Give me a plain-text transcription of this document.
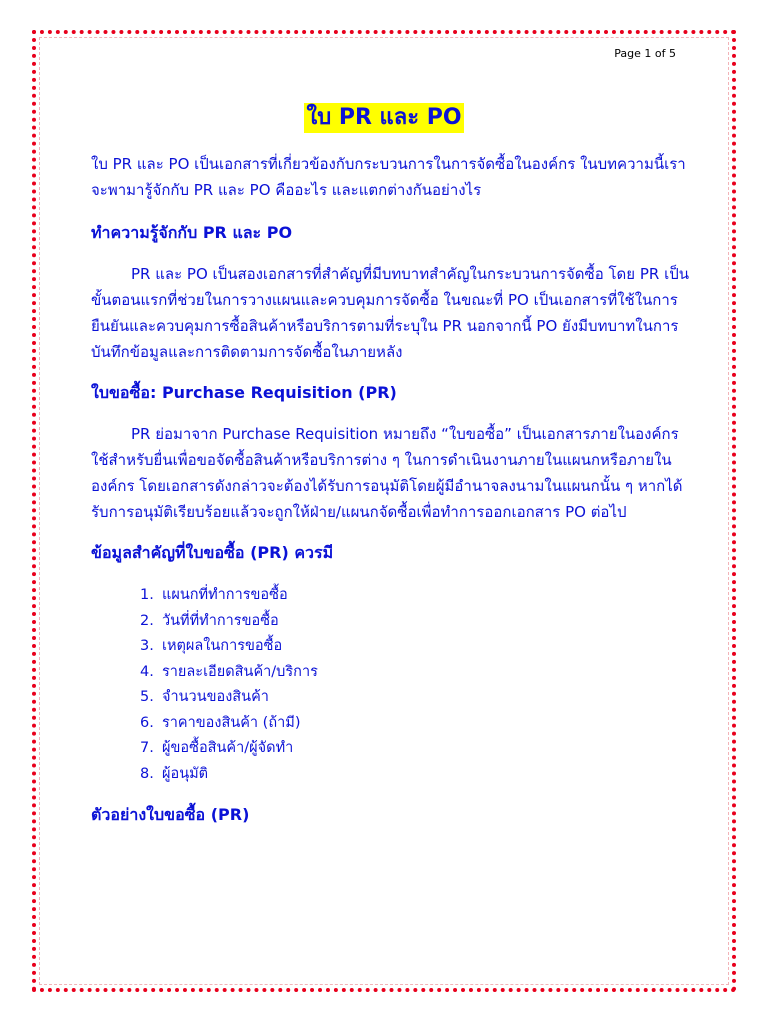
Page 1 of 5
ใบ PR และ PO

ใบ PR และ PO เป็นเอกสารที่เกี่ยวข้องกับกระบวนการในการจัดซื้อในองค์กร ในบทความนี้เราจะพามารู้จักกับ PR และ PO คืออะไร และแตกต่างกันอย่างไร

ทำความรู้จักกับ PR และ PO

PR และ PO เป็นสองเอกสารที่สำคัญที่มีบทบาทสำคัญในกระบวนการจัดซื้อ โดย PR เป็นขั้นตอนแรกที่ช่วยในการวางแผนและควบคุมการจัดซื้อ ในขณะที่ PO เป็นเอกสารที่ใช้ในการยืนยันและควบคุมการซื้อสินค้าหรือบริการตามที่ระบุใน PR นอกจากนี้ PO ยังมีบทบาทในการบันทึกข้อมูลและการติดตามการจัดซื้อในภายหลัง

ใบขอซื้อ: Purchase Requisition (PR)

PR ย่อมาจาก Purchase Requisition หมายถึง “ใบขอซื้อ” เป็นเอกสารภายในองค์กรใช้สำหรับยื่นเพื่อขอจัดซื้อสินค้าหรือบริการต่าง ๆ ในการดำเนินงานภายในแผนกหรือภายในองค์กร โดยเอกสารดังกล่าวจะต้องได้รับการอนุมัติโดยผู้มีอำนาจลงนามในแผนกนั้น ๆ หากได้รับการอนุมัติเรียบร้อยแล้วจะถูกให้ฝ่าย/แผนกจัดซื้อเพื่อทำการออกเอกสาร PO ต่อไป

ข้อมูลสำคัญที่ใบขอซื้อ (PR) ควรมี

1. แผนกที่ทำการขอซื้อ
2. วันที่ที่ทำการขอซื้อ
3. เหตุผลในการขอซื้อ
4. รายละเอียดสินค้า/บริการ
5. จำนวนของสินค้า
6. ราคาของสินค้า (ถ้ามี)
7. ผู้ขอซื้อสินค้า/ผู้จัดทำ
8. ผู้อนุมัติ

ตัวอย่างใบขอซื้อ (PR)
